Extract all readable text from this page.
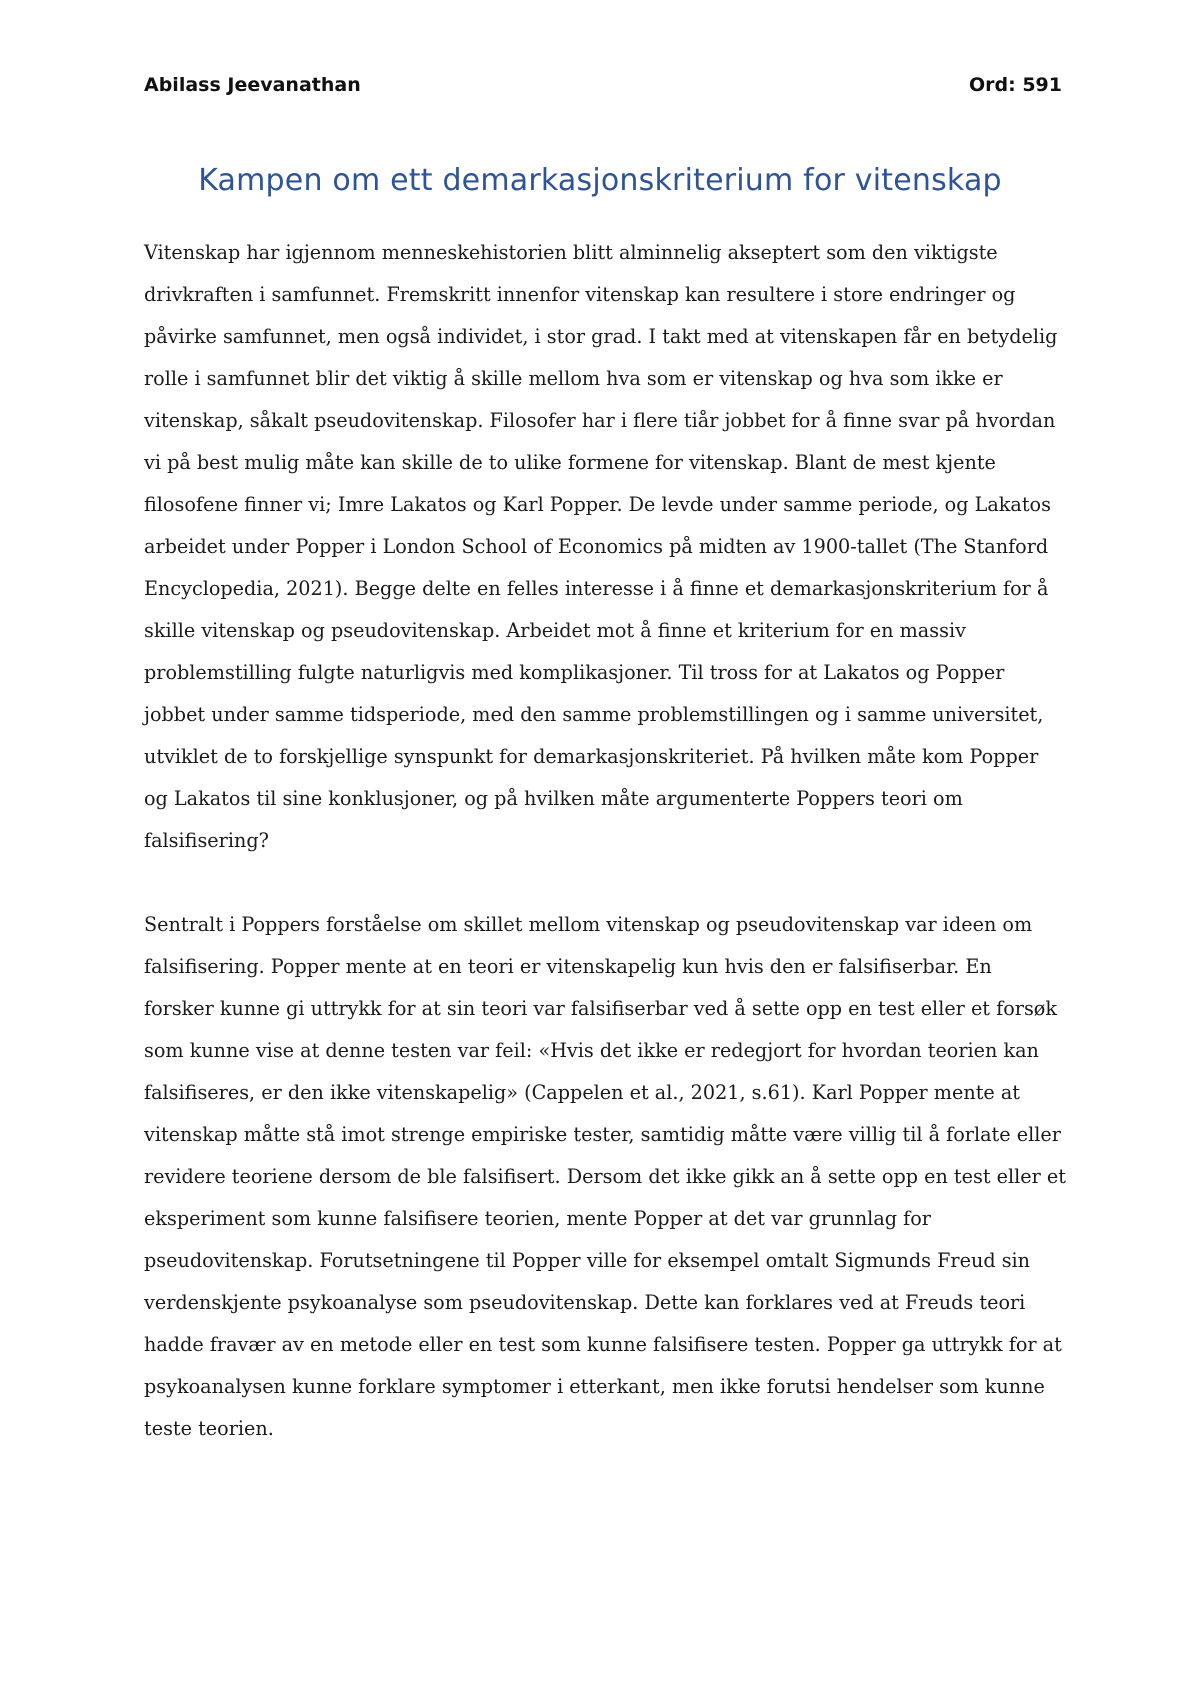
Abilass Jeevanathan	Ord: 591
Kampen om ett demarkasjonskriterium for vitenskap

Vitenskap har igjennom menneskehistorien blitt alminnelig akseptert som den viktigste drivkraften i samfunnet. Fremskritt innenfor vitenskap kan resultere i store endringer og påvirke samfunnet, men også individet, i stor grad. I takt med at vitenskapen får en betydelig rolle i samfunnet blir det viktig å skille mellom hva som er vitenskap og hva som ikke er vitenskap, såkalt pseudovitenskap. Filosofer har i flere tiår jobbet for å finne svar på hvordan vi på best mulig måte kan skille de to ulike formene for vitenskap. Blant de mest kjente filosofene finner vi; Imre Lakatos og Karl Popper. De levde under samme periode, og Lakatos arbeidet under Popper i London School of Economics på midten av 1900-tallet (The Stanford Encyclopedia, 2021). Begge delte en felles interesse i å finne et demarkasjonskriterium for å skille vitenskap og pseudovitenskap. Arbeidet mot å finne et kriterium for en massiv problemstilling fulgte naturligvis med komplikasjoner. Til tross for at Lakatos og Popper jobbet under samme tidsperiode, med den samme problemstillingen og i samme universitet, utviklet de to forskjellige synspunkt for demarkasjonskriteriet. På hvilken måte kom Popper og Lakatos til sine konklusjoner, og på hvilken måte argumenterte Poppers teori om falsifisering?

Sentralt i Poppers forståelse om skillet mellom vitenskap og pseudovitenskap var ideen om falsifisering. Popper mente at en teori er vitenskapelig kun hvis den er falsifiserbar. En forsker kunne gi uttrykk for at sin teori var falsifiserbar ved å sette opp en test eller et forsøk som kunne vise at denne testen var feil: «Hvis det ikke er redegjort for hvordan teorien kan falsifiseres, er den ikke vitenskapelig» (Cappelen et al., 2021, s.61). Karl Popper mente at vitenskap måtte stå imot strenge empiriske tester, samtidig måtte være villig til å forlate eller revidere teoriene dersom de ble falsifisert. Dersom det ikke gikk an å sette opp en test eller et eksperiment som kunne falsifisere teorien, mente Popper at det var grunnlag for pseudovitenskap. Forutsetningene til Popper ville for eksempel omtalt Sigmunds Freud sin verdenskjente psykoanalyse som pseudovitenskap. Dette kan forklares ved at Freuds teori hadde fravær av en metode eller en test som kunne falsifisere testen. Popper ga uttrykk for at psykoanalysen kunne forklare symptomer i etterkant, men ikke forutsi hendelser som kunne teste teorien.
